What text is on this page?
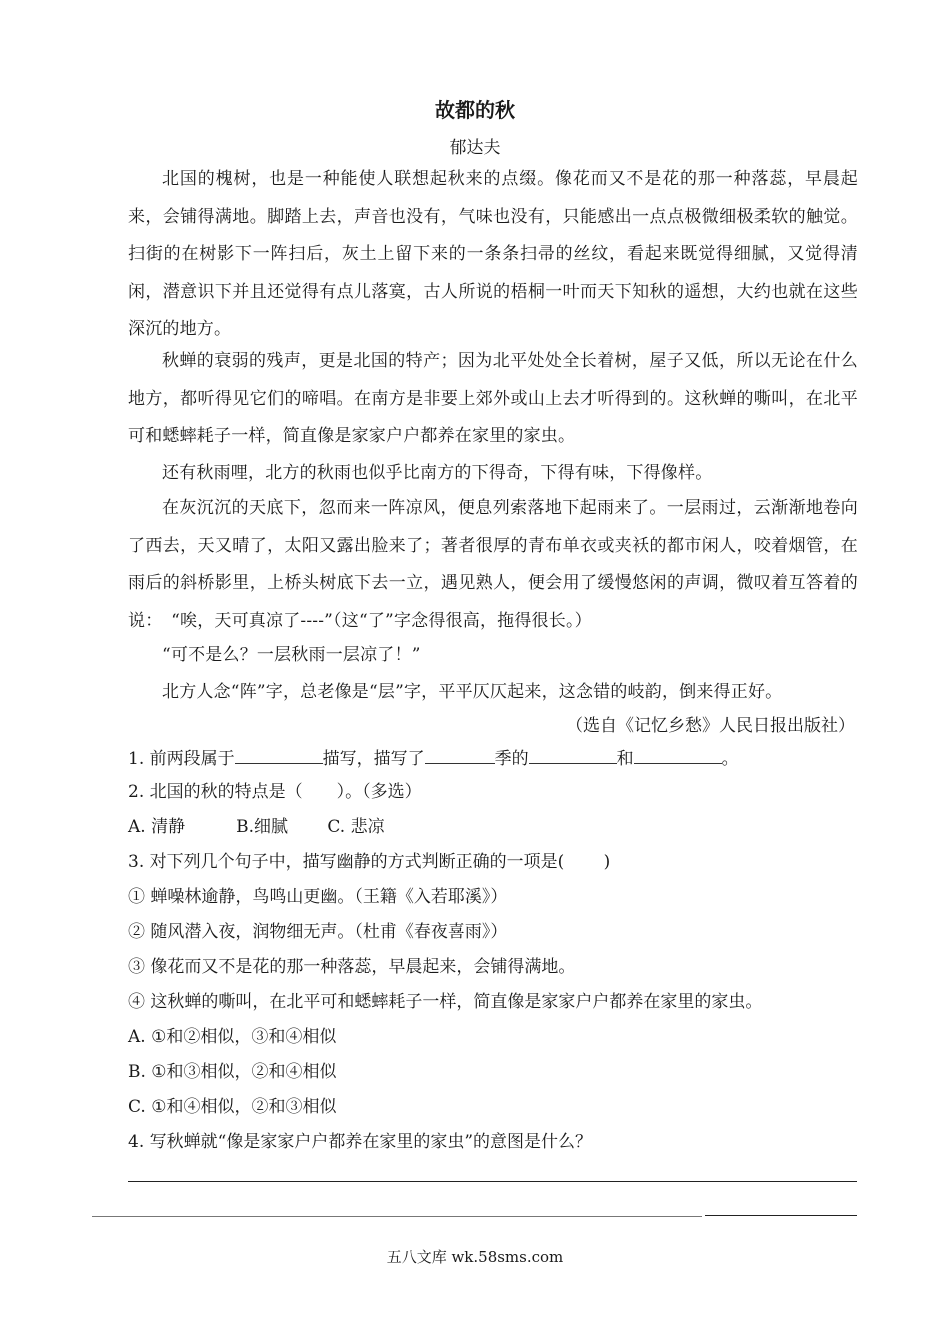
故都的秋
郁达夫

北国的槐树，也是一种能使人联想起秋来的点缀。像花而又不是花的那一种落蕊，早晨起来，会铺得满地。脚踏上去，声音也没有，气味也没有，只能感出一点点极微细极柔软的触觉。扫街的在树影下一阵扫后，灰土上留下来的一条条扫帚的丝纹，看起来既觉得细腻，又觉得清闲，潜意识下并且还觉得有点儿落寞，古人所说的梧桐一叶而天下知秋的遥想，大约也就在这些深沉的地方。

秋蝉的衰弱的残声，更是北国的特产；因为北平处处全长着树，屋子又低，所以无论在什么地方，都听得见它们的啼唱。在南方是非要上郊外或山上去才听得到的。这秋蝉的嘶叫，在北平可和蟋蟀耗子一样，简直像是家家户户都养在家里的家虫。

还有秋雨哩，北方的秋雨也似乎比南方的下得奇，下得有味，下得像样。

在灰沉沉的天底下，忽而来一阵凉风，便息列索落地下起雨来了。一层雨过，云渐渐地卷向了西去，天又晴了，太阳又露出脸来了；著者很厚的青布单衣或夹袄的都市闲人，咬着烟管，在雨后的斜桥影里，上桥头树底下去一立，遇见熟人，便会用了缓慢悠闲的声调，微叹着互答着的说：　“唉，天可真凉了----”（这“了”字念得很高，拖得很长。）

“可不是么？一层秋雨一层凉了！”

北方人念“阵”字，总老像是“层”字，平平仄仄起来，这念错的岐韵，倒来得正好。

（选自《记忆乡愁》人民日报出版社）
1. 前两段属于	描写，描写了	季的	和	。
2. 北国的秋的特点是（　　）。（多选）
A. 清静　　　B.细腻　　 C. 悲凉
3. 对下列几个句子中，描写幽静的方式判断正确的一项是(　　 )
① 蝉噪林逾静，鸟鸣山更幽。（王籍《入若耶溪》）
② 随风潜入夜，润物细无声。（杜甫《春夜喜雨》）
③ 像花而又不是花的那一种落蕊，早晨起来，会铺得满地。
④ 这秋蝉的嘶叫，在北平可和蟋蟀耗子一样，简直像是家家户户都养在家里的家虫。
A. ①和②相似，③和④相似
B. ①和③相似，②和④相似
C. ①和④相似，②和③相似
4. 写秋蝉就“像是家家户户都养在家里的家虫”的意图是什么？
五八文库 wk.58sms.com
